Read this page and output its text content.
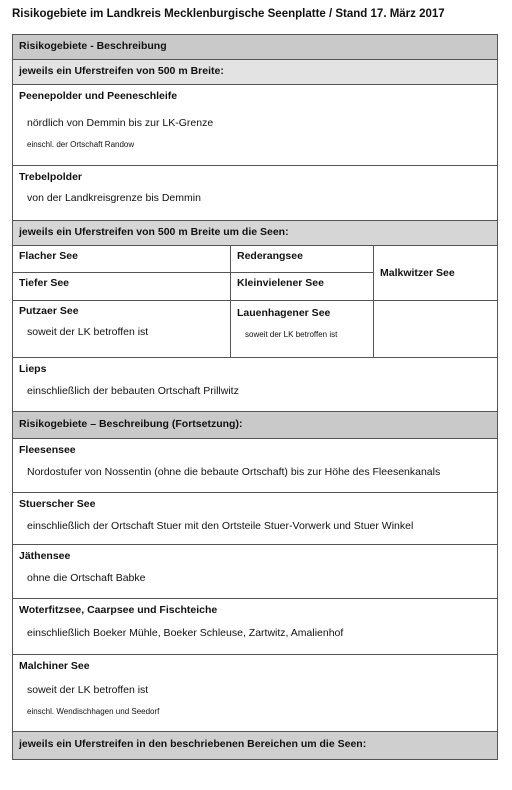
Risikogebiete im Landkreis Mecklenburgische Seenplatte / Stand 17. März 2017
Risikogebiete - Beschreibung
jeweils ein Uferstreifen von 500 m Breite:
Peenepolder und Peeneschleife
nördlich von Demmin bis zur LK-Grenze
einschl. der Ortschaft Randow
Trebelpolder
von der Landkreisgrenze bis Demmin
jeweils ein Uferstreifen von 500 m Breite um die Seen:
Flacher See	Rederangsee
Malkwitzer See
Tiefer See	Kleinvielener See
Putzaer See
soweit der LK betroffen ist
Lauenhagener See
soweit der LK betroffen ist
Lieps
einschließlich der bebauten Ortschaft Prillwitz
Risikogebiete – Beschreibung (Fortsetzung):
Fleesensee
Nordostufer von Nossentin (ohne die bebaute Ortschaft) bis zur Höhe des Fleesenkanals
Stuerscher See
einschließlich der Ortschaft Stuer mit den Ortsteile Stuer-Vorwerk und Stuer Winkel
Jäthensee
ohne die Ortschaft Babke
Woterfitzsee, Caarpsee und Fischteiche
einschließlich Boeker Mühle, Boeker Schleuse, Zartwitz, Amalienhof
Malchiner See
soweit der LK betroffen ist
einschl. Wendischhagen und Seedorf
jeweils ein Uferstreifen in den beschriebenen Bereichen um die Seen:
